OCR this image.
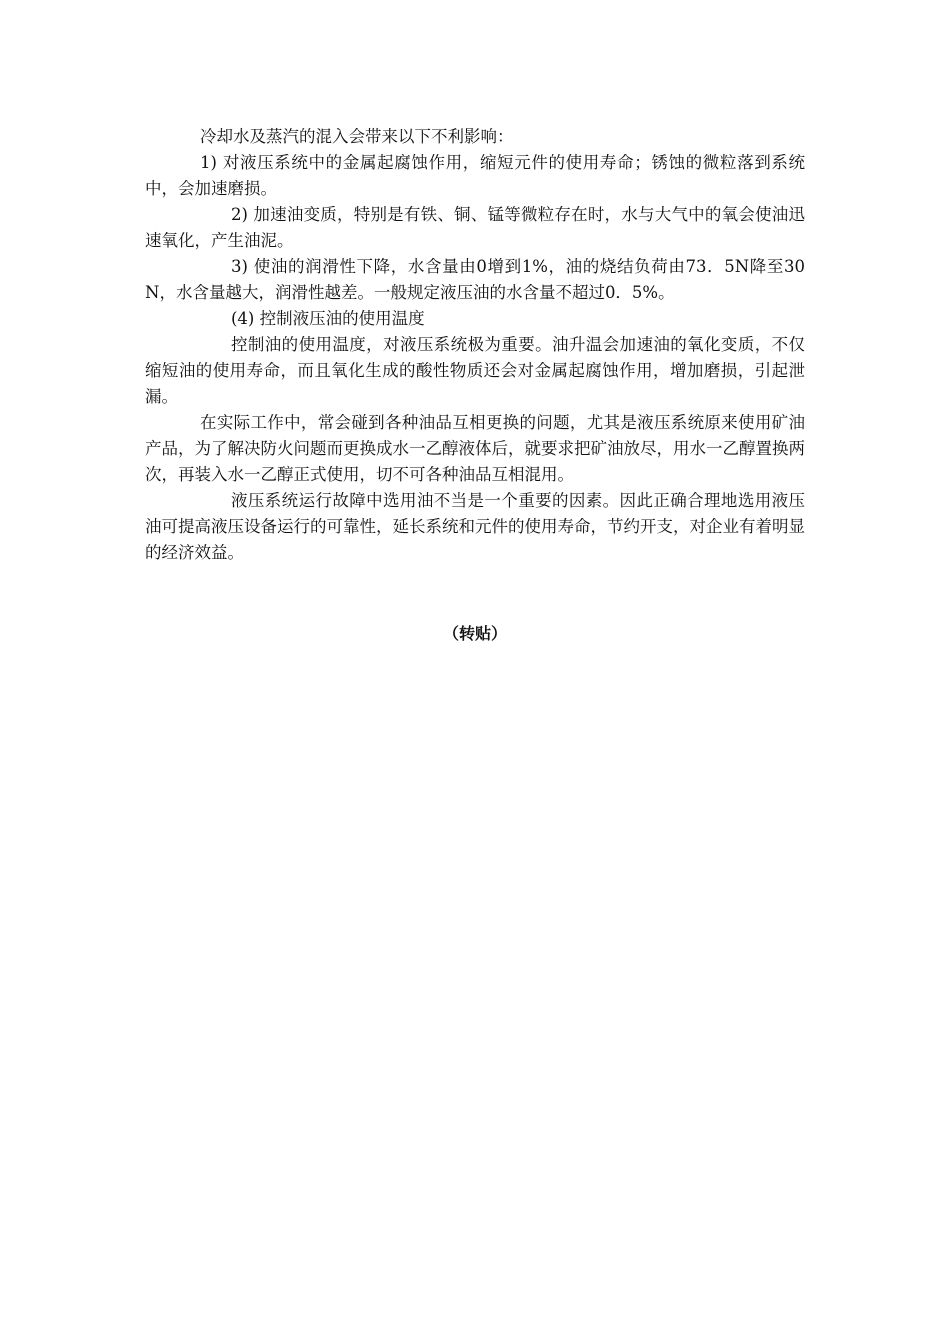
冷却水及蒸汽的混入会带来以下不利影响：

1) 对液压系统中的金属起腐蚀作用，缩短元件的使用寿命；锈蚀的微粒落到系统中，会加速磨损。

2) 加速油变质，特别是有铁、铜、锰等微粒存在时，水与大气中的氧会使油迅速氧化，产生油泥。

3) 使油的润滑性下降，水含量由0增到1%，油的烧结负荷由73．5N降至30N，水含量越大，润滑性越差。一般规定液压油的水含量不超过0．5%。

(4) 控制液压油的使用温度

控制油的使用温度，对液压系统极为重要。油升温会加速油的氧化变质，不仅缩短油的使用寿命，而且氧化生成的酸性物质还会对金属起腐蚀作用，增加磨损，引起泄漏。

在实际工作中，常会碰到各种油品互相更换的问题，尤其是液压系统原来使用矿油产品，为了解决防火问题而更换成水一乙醇液体后，就要求把矿油放尽，用水一乙醇置换两次，再装入水一乙醇正式使用，切不可各种油品互相混用。

液压系统运行故障中选用油不当是一个重要的因素。因此正确合理地选用液压油可提高液压设备运行的可靠性，延长系统和元件的使用寿命，节约开支，对企业有着明显的经济效益。

（转贴）
